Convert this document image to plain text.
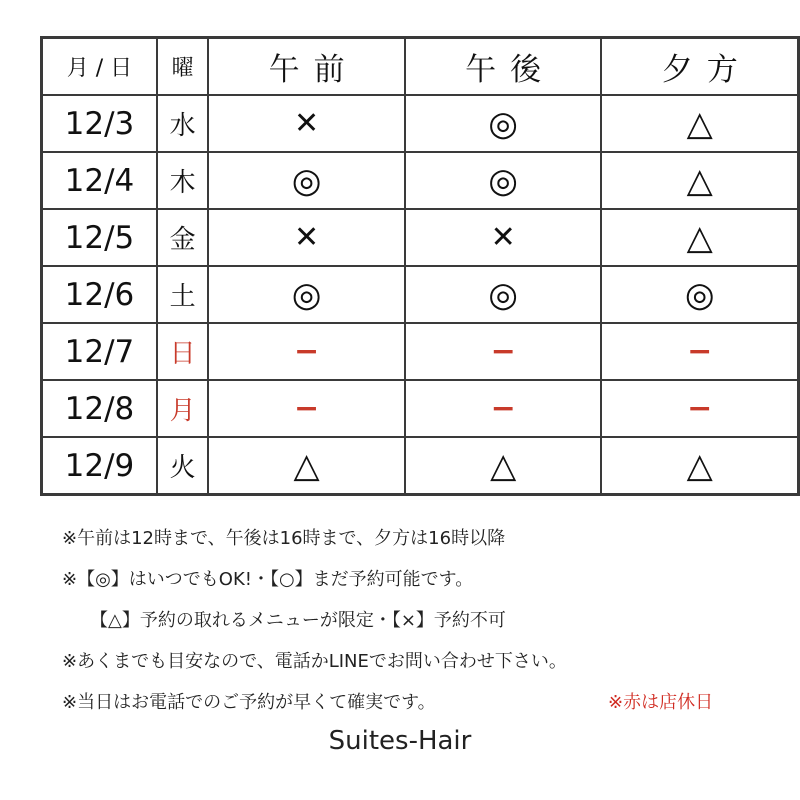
月 / 日	曜	午前	午後	夕方
12/3	水	✕	◎	△
12/4	木	◎	◎	△
12/5	金	✕	✕	△
12/6	土	◎	◎	◎
12/7	日	−	−	−
12/8	月	−	−	−
12/9	火	△	△	△
※午前は12時まで、午後は16時まで、夕方は16時以降
※【◎】はいつでもOK!・【○】まだ予約可能です。
【△】予約の取れるメニューが限定・【×】予約不可
※あくまでも目安なので、電話かLINEでお問い合わせ下さい。
※当日はお電話でのご予約が早くて確実です。	※赤は店休日
Suites-Hair
